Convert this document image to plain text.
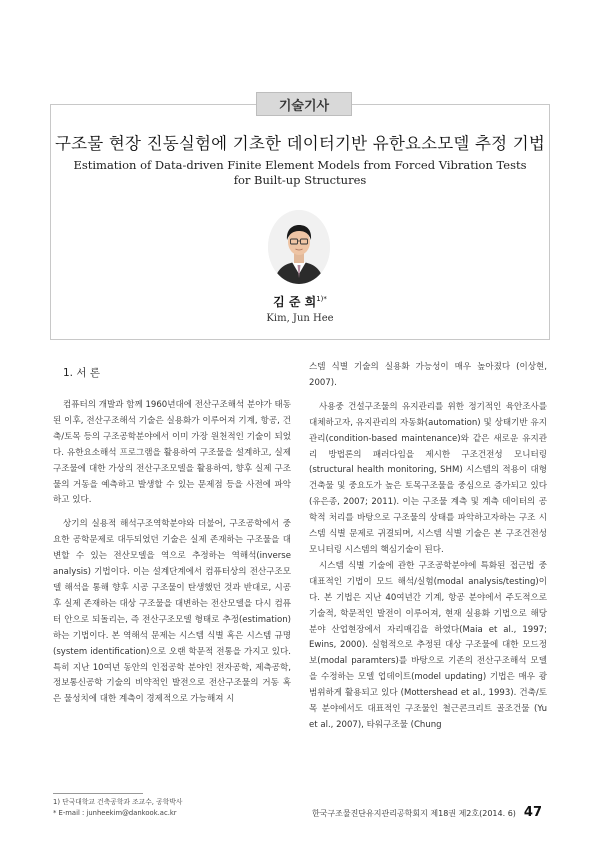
기술기사
구조물 현장 진동실험에 기초한 데이터기반 유한요소모델 추정 기법
Estimation of Data-driven Finite Element Models from Forced Vibration Tests for Built-up Structures
김 준 희$^{1)*}$
Kim, Jun Hee
1. 서 론

컴퓨터의 개발과 함께 1960년대에 전산구조해석 분야가 태동된 이후, 전산구조해석 기술은 실용화가 이루어져 기계, 항공, 건축/토목 등의 구조공학분야에서 이미 가장 원천적인 기술이 되었다. 유한요소해석 프로그램을 활용하여 구조물을 설계하고, 실제 구조물에 대한 가상의 전산구조모델을 활용하여, 향후 실제 구조물의 거동을 예측하고 발생할 수 있는 문제점 등을 사전에 파악하고 있다.

상기의 실용적 해석구조역학분야와 더불어, 구조공학에서 중요한 공학문제로 대두되었던 기술은 실제 존재하는 구조물을 대변할 수 있는 전산모델을 역으로 추정하는 역해석(inverse analysis) 기법이다. 이는 설계단계에서 컴퓨터상의 전산구조모델 해석을 통해 향후 시공 구조물이 탄생했던 것과 반대로, 시공 후 실제 존재하는 대상 구조물을 대변하는 전산모델을 다시 컴퓨터 안으로 되돌리는, 즉 전산구조모델 형태로 추정(estimation)하는 기법이다. 본 역해석 문제는 시스템 식별 혹은 시스템 규명(system identification)으로 오랜 학문적 전통을 가지고 있다. 특히 지난 10여년 동안의 인접공학 분야인 전자공학, 제측공학, 정보통신공학 기술의 비약적인 발전으로 전산구조물의 거동 혹은 물성치에 대한 계측이 경제적으로 가능해져 시

스템 식별 기술의 실용화 가능성이 매우 높아졌다 (이상현, 2007).

사용중 건설구조물의 유지관리를 위한 정기적인 육안조사를 대체하고자, 유지관리의 자동화(automation) 및 상태기반 유지관리(condition-based maintenance)와 같은 새로운 유지관리 방법론의 패러다임을 제시한 구조건전성 모니터링(structural health monitoring, SHM) 시스템의 적용이 대형 건축물 및 중요도가 높은 토목구조물을 중심으로 증가되고 있다 (유은종, 2007; 2011). 이는 구조물 계측 및 계측 데이터의 공학적 처리를 바탕으로 구조물의 상태를 파악하고자하는 구조 시스템 식별 문제로 귀결되며, 시스템 식별 기술은 본 구조건전성 모니터링 시스템의 핵심기술이 된다.

시스템 식별 기술에 관한 구조공학분야에 특화된 접근법 중 대표적인 기법이 모드 해석/실험(modal analysis/testing)이다. 본 기법은 지난 40여년간 기계, 항공 분야에서 주도적으로 기술적, 학문적인 발전이 이루어져, 현재 실용화 기법으로 해당분야 산업현장에서 자리매김을 하였다(Maia et al., 1997; Ewins, 2000). 실험적으로 추정된 대상 구조물에 대한 모드정보(modal paramters)를 바탕으로 기존의 전산구조해석 모델을 수정하는 모델 업데이트(model updating) 기법은 매우 광범위하게 활용되고 있다 (Mottershead et al., 1993). 건축/토목 분야에서도 대표적인 구조물인 철근콘크리트 골조건물 (Yu et al., 2007), 타워구조물 (Chung

1) 단국대학교 건축공학과 조교수, 공학박사
* E-mail : junheekim@dankook.ac.kr	한국구조물진단유지관리공학회지 제18권 제2호(2014. 6) 47
